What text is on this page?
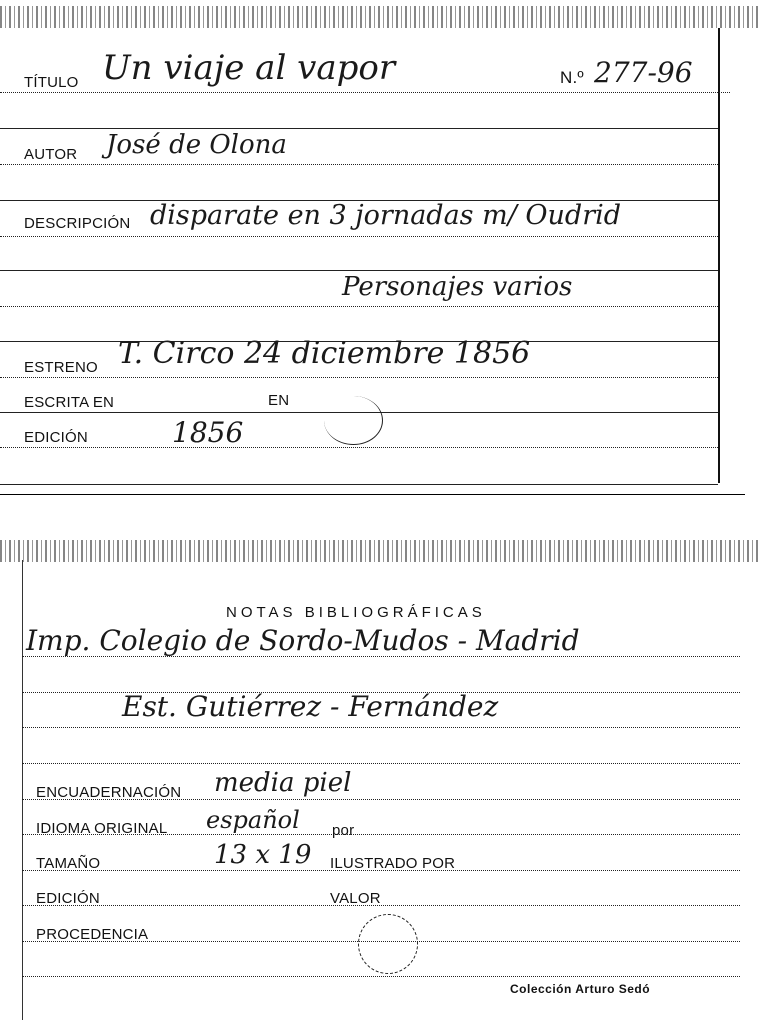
TÍTULO Un viaje al vapor	N.º 277-96
AUTOR José de Olona
DESCRIPCIÓN disparate en 3 jornadas m/ Oudrid
Personajes varios
ESTRENO T. Circo 24 diciembre 1856
ESCRITA EN	EN
EDICIÓN	1856
NOTAS BIBLIOGRÁFICAS
Imp. Colegio de Sordo-Mudos - Madrid
Est. Gutiérrez - Fernández
ENCUADERNACIÓN media piel
IDIOMA ORIGINAL español por
TAMAÑO	13 x 19 ILUSTRADO POR
EDICIÓN	VALOR
PROCEDENCIA
Colección Arturo Sedó
